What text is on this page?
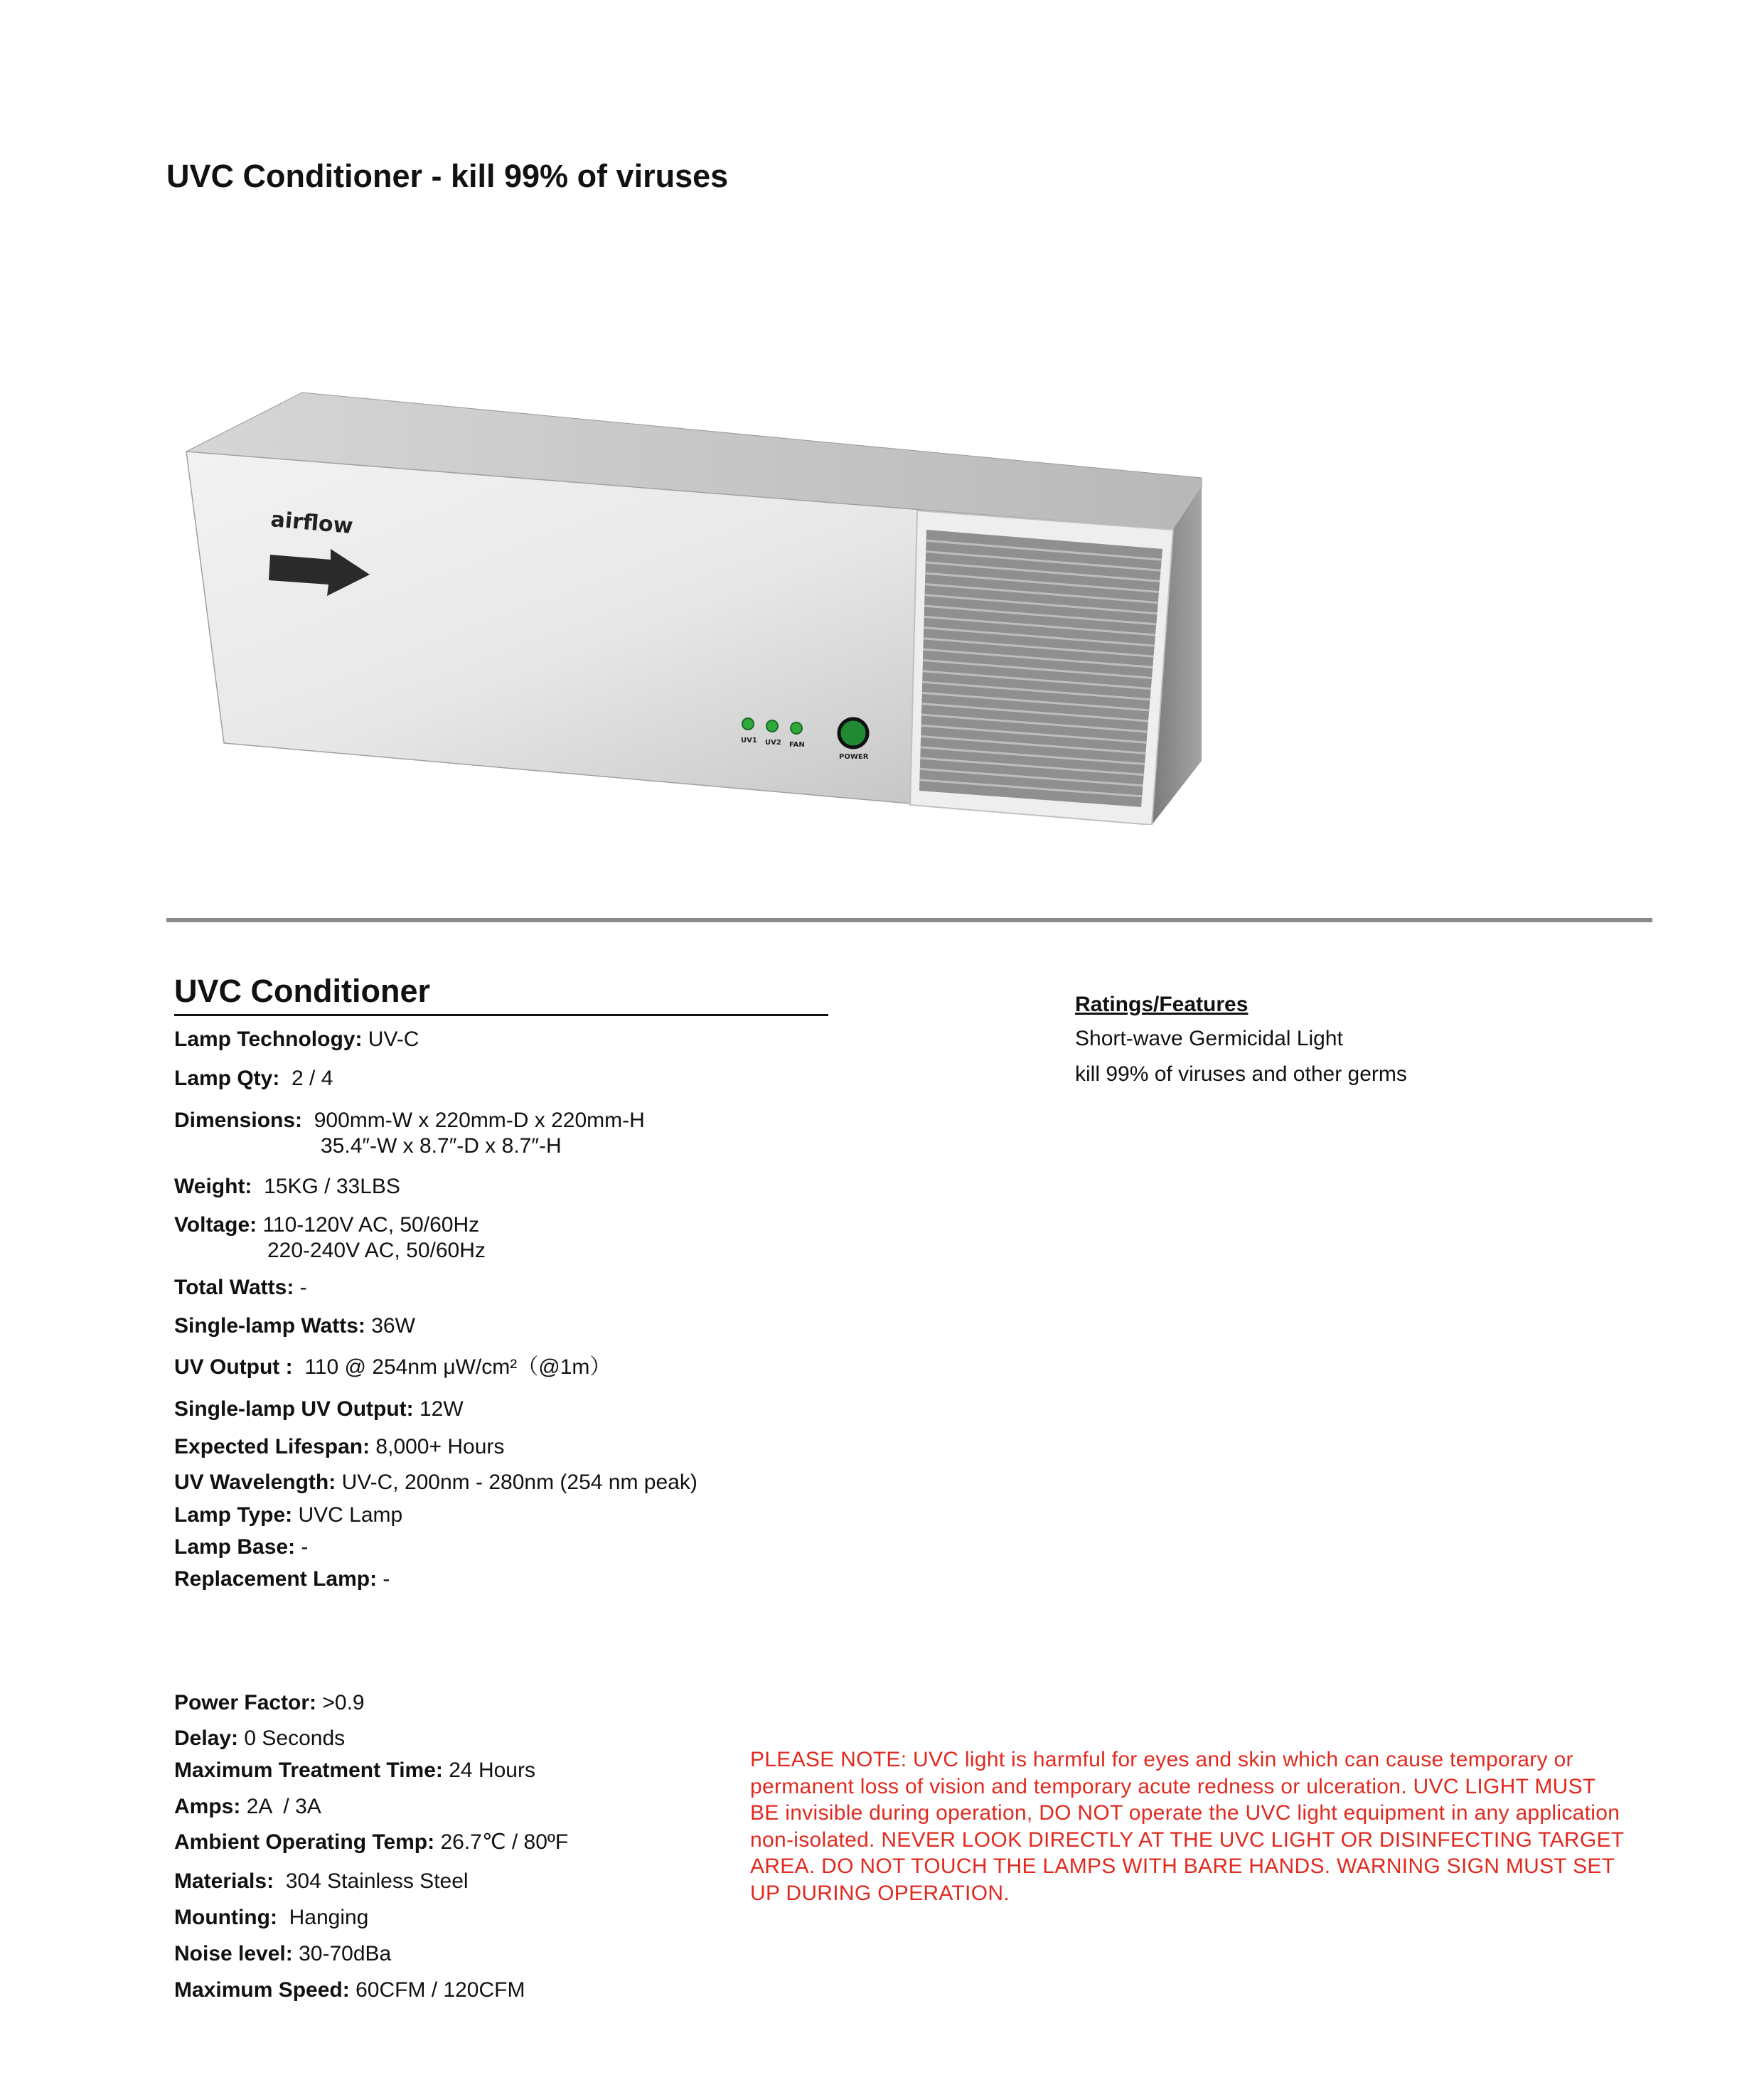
UVC Conditioner - kill 99% of viruses
airflow
UV1 UV2 FAN
POWER
UVC Conditioner
Lamp Technology: UV-C
Lamp Qty: 2 / 4
Dimensions: 900mm-W x 220mm-D x 220mm-H
35.4″-W x 8.7″-D x 8.7″-H
Weight: 15KG / 33LBS
Voltage: 110-120V AC, 50/60Hz
220-240V AC, 50/60Hz
Total Watts: -
Single-lamp Watts: 36W
UV Output : 110 @ 254nm μW/cm²（@1m）
Single-lamp UV Output: 12W
Expected Lifespan: 8,000+ Hours
UV Wavelength: UV-C, 200nm - 280nm (254 nm peak)
Lamp Type: UVC Lamp
Lamp Base: -
Replacement Lamp: -
Power Factor: >0.9
Delay: 0 Seconds
Maximum Treatment Time: 24 Hours
Amps: 2A  / 3A
Ambient Operating Temp: 26.7℃ / 80ºF
Materials: 304 Stainless Steel
Mounting: Hanging
Noise level: 30-70dBa
Maximum Speed: 60CFM / 120CFM
Ratings/Features
Short-wave Germicidal Light
kill 99% of viruses and other germs
PLEASE NOTE: UVC light is harmful for eyes and skin which can cause temporary or permanent loss of vision and temporary acute redness or ulceration. UVC LIGHT MUST BE invisible during operation, DO NOT operate the UVC light equipment in any application non-isolated. NEVER LOOK DIRECTLY AT THE UVC LIGHT OR DISINFECTING TARGET AREA. DO NOT TOUCH THE LAMPS WITH BARE HANDS. WARNING SIGN MUST SET UP DURING OPERATION.
